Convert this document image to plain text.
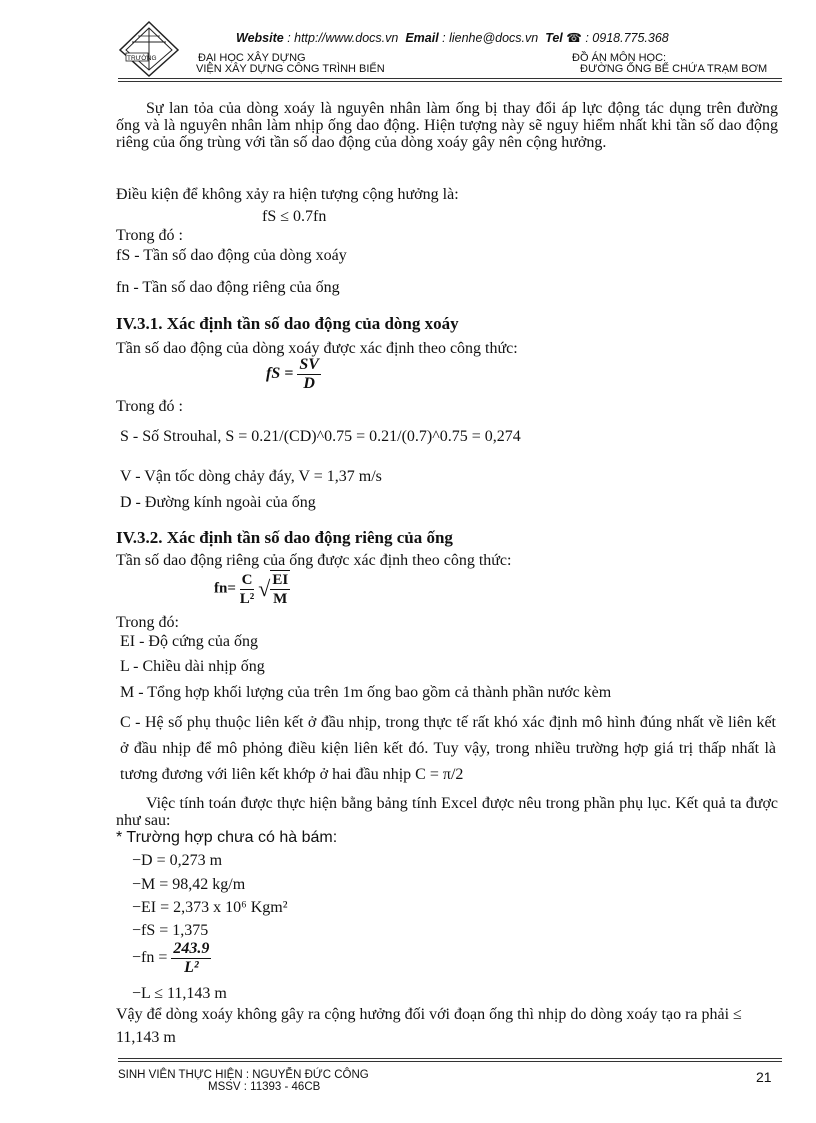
Website : http://www.docs.vn Email : lienhe@docs.vn Tel ☎ : 0918.775.368
TRƯỜNG	ĐẠI HỌC XÂY DỰNG
VIỆN XÂY DỰNG CÔNG TRÌNH BIỂN
ĐỒ ÁN MÔN HỌC:
ĐƯỜNG ỐNG BỂ CHỨA TRẠM BƠM
Sự lan tỏa của dòng xoáy là nguyên nhân làm ống bị thay đổi áp lực động tác dụng trên đường ống và là nguyên nhân làm nhịp ống dao động. Hiện tượng này sẽ nguy hiểm nhất khi tần số dao động riêng của ống trùng với tần số dao động của dòng xoáy gây nên cộng hưởng.
Điều kiện để không xảy ra hiện tượng cộng hưởng là:
fS ≤ 0.7fn
Trong đó :
fS - Tần số dao động của dòng xoáy
fn - Tần số dao động riêng của ống
IV.3.1. Xác định tần số dao động của dòng xoáy
Tần số dao động của dòng xoáy được xác định theo công thức:
fS = $\frac{SV}{D}$
Trong đó :
S - Số Strouhal, S = 0.21/(CD)^0.75 = 0.21/(0.7)^0.75 = 0,274
V - Vận tốc dòng chảy đáy, V = 1,37 m/s
D - Đường kính ngoài của ống
IV.3.2. Xác định tần số dao động riêng của ống
Tần số dao động riêng của ống được xác định theo công thức:
$fn= \frac{C}{\text{L²}}$ √ $\frac{EI}{M}$
Trong đó:
EI - Độ cứng của ống
L - Chiều dài nhịp ống
M - Tổng hợp khối lượng của trên 1m ống bao gồm cả thành phần nước kèm
C - Hệ số phụ thuộc liên kết ở đầu nhịp, trong thực tế rất khó xác định mô hình đúng nhất về liên kết ở đầu nhịp để mô phỏng điều kiện liên kết đó. Tuy vậy, trong nhiều trường hợp giá trị thấp nhất là tương đương với liên kết khớp ở hai đầu nhịp C = π/2
Việc tính toán được thực hiện bằng bảng tính Excel được nêu trong phần phụ lục. Kết quả ta được như sau:
* Trường hợp chưa có hà bám:
−D = 0,273 m
−M = 98,42 kg/m
−EI = 2,373 x 10⁶ Kgm²
−fS = 1,375
$-fn = \frac{243.9}{\text{L²}}$
−L ≤ 11,143 m
Vậy để dòng xoáy không gây ra cộng hưởng đối với đoạn ống thì nhịp do dòng xoáy tạo ra phải ≤ 11,143 m
SINH VIÊN THỰC HIỆN : NGUYỄN ĐỨC CÔNG
MSSV : 11393 - 46CB
21
